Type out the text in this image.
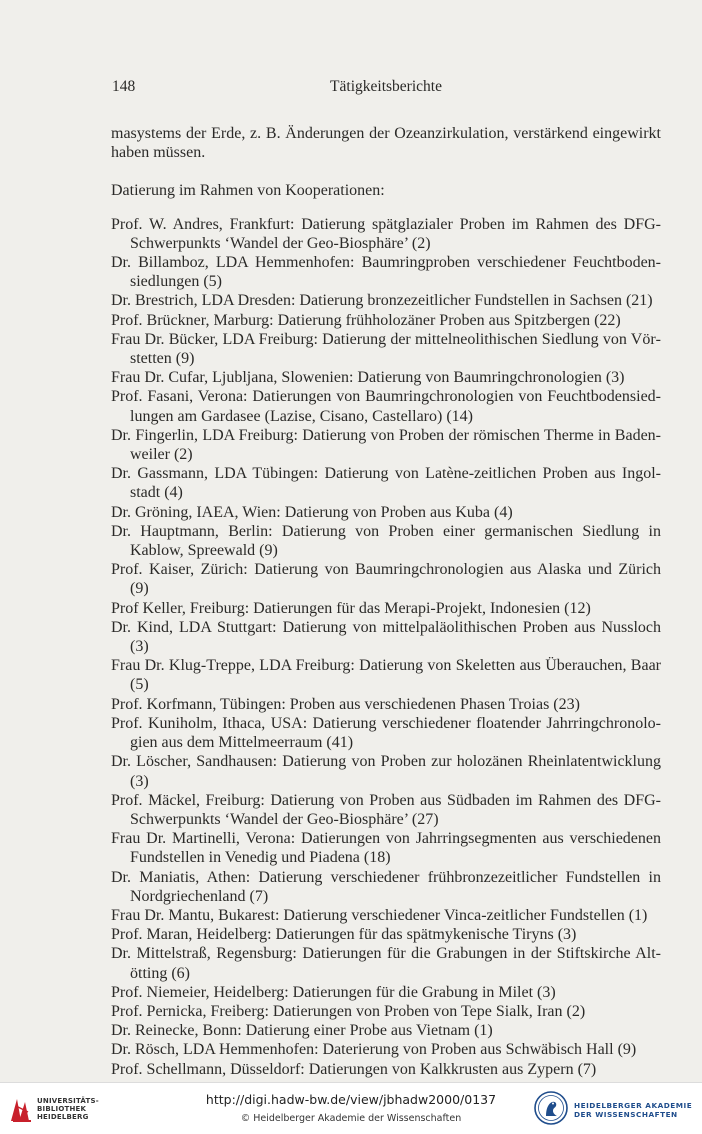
148	Tätigkeitsberichte

masystems der Erde, z. B. Änderungen der Ozeanzirkulation, verstärkend eingewirkt haben müssen.

Datierung im Rahmen von Kooperationen:

Prof. W. Andres, Frankfurt: Datierung spätglazialer Proben im Rahmen des DFG-Schwerpunkts ‘Wandel der Geo-Biosphäre’ (2)

Dr. Billamboz, LDA Hemmenhofen: Baumringproben verschiedener Feuchtbodensiedlungen (5)

Dr. Brestrich, LDA Dresden: Datierung bronzezeitlicher Fundstellen in Sachsen (21)

Prof. Brückner, Marburg: Datierung frühholozäner Proben aus Spitzbergen (22)

Frau Dr. Bücker, LDA Freiburg: Datierung der mittelneolithischen Siedlung von Vörstetten (9)

Frau Dr. Cufar, Ljubljana, Slowenien: Datierung von Baumringchronologien (3)

Prof. Fasani, Verona: Datierungen von Baumringchronologien von Feuchtbodensiedlungen am Gardasee (Lazise, Cisano, Castellaro) (14)

Dr. Fingerlin, LDA Freiburg: Datierung von Proben der römischen Therme in Badenweiler (2)

Dr. Gassmann, LDA Tübingen: Datierung von Latène-zeitlichen Proben aus Ingolstadt (4)

Dr. Gröning, IAEA, Wien: Datierung von Proben aus Kuba (4)

Dr. Hauptmann, Berlin: Datierung von Proben einer germanischen Siedlung in Kablow, Spreewald (9)

Prof. Kaiser, Zürich: Datierung von Baumringchronologien aus Alaska und Zürich (9)

Prof Keller, Freiburg: Datierungen für das Merapi-Projekt, Indonesien (12)

Dr. Kind, LDA Stuttgart: Datierung von mittelpaläolithischen Proben aus Nussloch (3)

Frau Dr. Klug-Treppe, LDA Freiburg: Datierung von Skeletten aus Überauchen, Baar (5)

Prof. Korfmann, Tübingen: Proben aus verschiedenen Phasen Troias (23)

Prof. Kuniholm, Ithaca, USA: Datierung verschiedener floatender Jahrringchronologien aus dem Mittelmeerraum (41)

Dr. Löscher, Sandhausen: Datierung von Proben zur holozänen Rheinlatentwicklung (3)

Prof. Mäckel, Freiburg: Datierung von Proben aus Südbaden im Rahmen des DFG-Schwerpunkts ‘Wandel der Geo-Biosphäre’ (27)

Frau Dr. Martinelli, Verona: Datierungen von Jahrringsegmenten aus verschiedenen Fundstellen in Venedig und Piadena (18)

Dr. Maniatis, Athen: Datierung verschiedener frühbronzezeitlicher Fundstellen in Nordgriechenland (7)

Frau Dr. Mantu, Bukarest: Datierung verschiedener Vinca-zeitlicher Fundstellen (1)

Prof. Maran, Heidelberg: Datierungen für das spätmykenische Tiryns (3)

Dr. Mittelstraß, Regensburg: Datierungen für die Grabungen in der Stiftskirche Altötting (6)

Prof. Niemeier, Heidelberg: Datierungen für die Grabung in Milet (3)

Prof. Pernicka, Freiberg: Datierungen von Proben von Tepe Sialk, Iran (2)

Dr. Reinecke, Bonn: Datierung einer Probe aus Vietnam (1)

Dr. Rösch, LDA Hemmenhofen: Daterierung von Proben aus Schwäbisch Hall (9)

Prof. Schellmann, Düsseldorf: Datierungen von Kalkkrusten aus Zypern (7)

UNIVERSITÄTS-
BIBLIOTHEK
HEIDELBERG
http://digi.hadw-bw.de/view/jbhadw2000/0137
© Heidelberger Akademie der Wissenschaften
HEIDELBERGER AKADEMIE
DER WISSENSCHAFTEN
